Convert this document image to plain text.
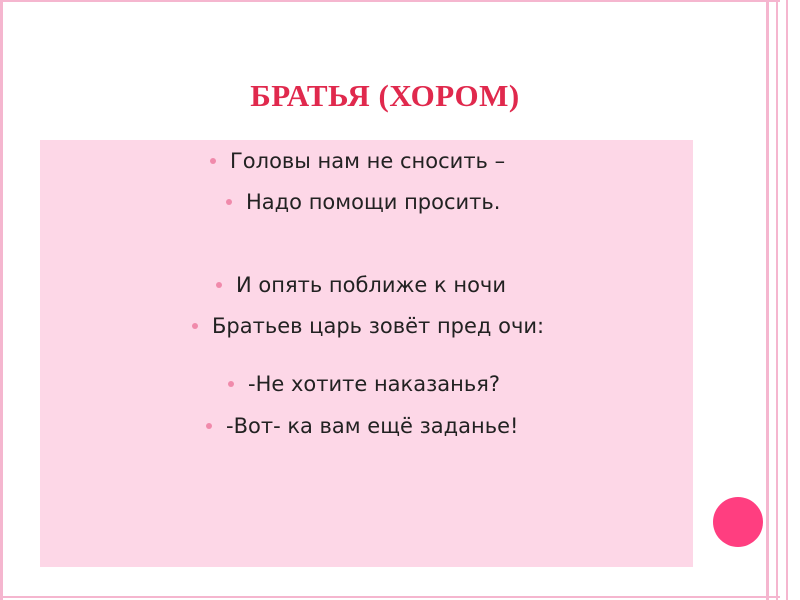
БРАТЬЯ (ХОРОМ)
Головы нам не сносить –
Надо помощи просить.
И опять поближе к ночи
Братьев царь зовёт пред очи:
-Не хотите наказанья?
-Вот- ка вам ещё заданье!
